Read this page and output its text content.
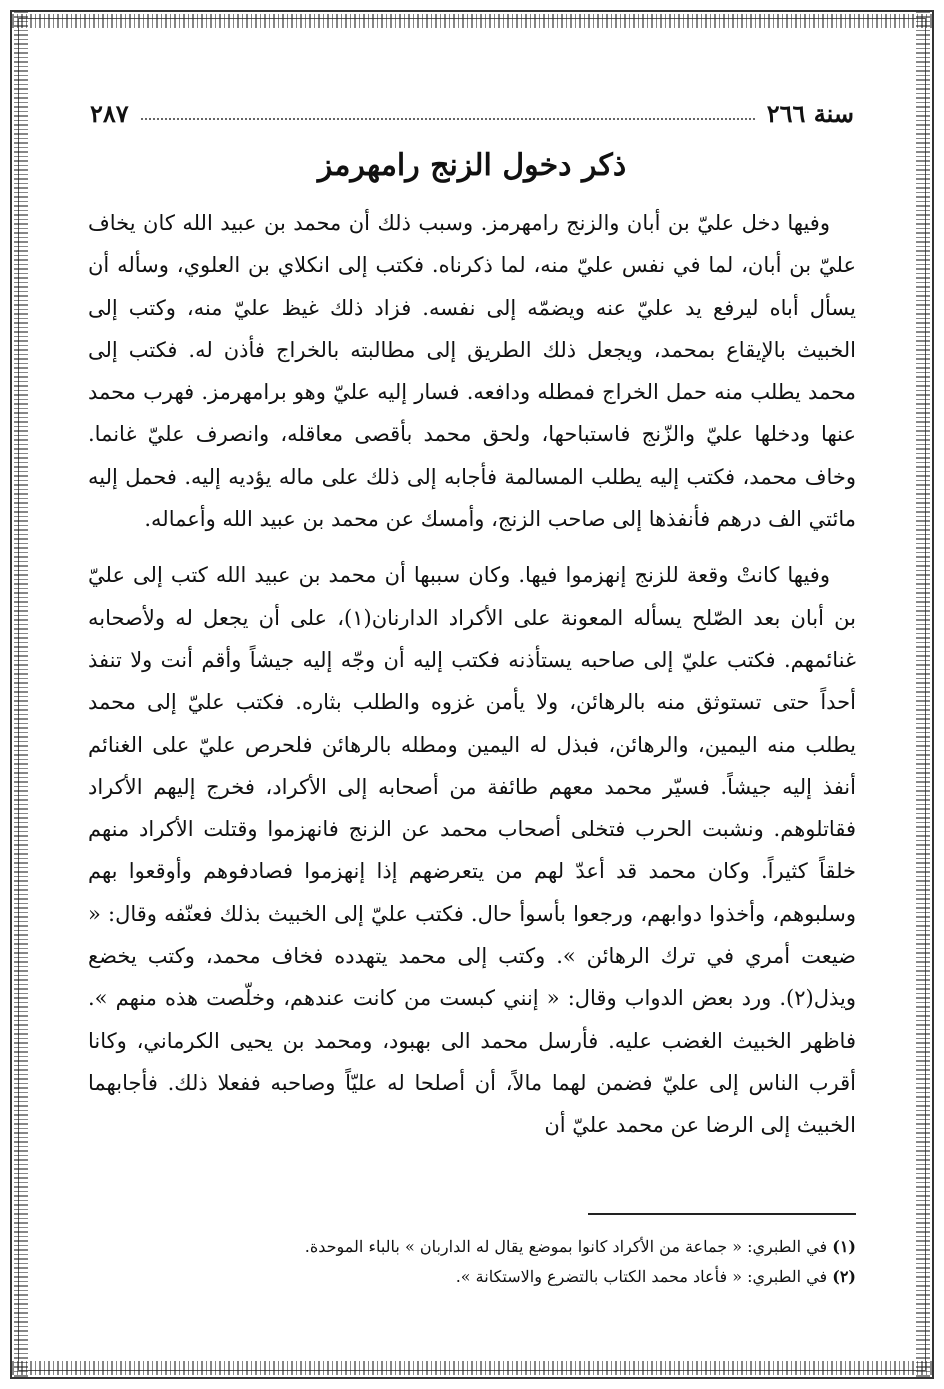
سنة ٢٦٦
٢٨٧
ذكر دخول الزنج رامهرمز

وفيها دخل عليّ بن أبان والزنج رامهرمز. وسبب ذلك أن محمد بن عبيد الله كان يخاف عليّ بن أبان، لما في نفس عليّ منه، لما ذكرناه. فكتب إلى انكلاي بن العلوي، وسأله أن يسأل أباه ليرفع يد عليّ عنه ويضمّه إلى نفسه. فزاد ذلك غيظ عليّ منه، وكتب إلى الخبيث بالإيقاع بمحمد، ويجعل ذلك الطريق إلى مطالبته بالخراج فأذن له. فكتب إلى محمد يطلب منه حمل الخراج فمطله ودافعه. فسار إليه عليّ وهو برامهرمز. فهرب محمد عنها ودخلها عليّ والزّنج فاستباحها، ولحق محمد بأقصى معاقله، وانصرف عليّ غانما. وخاف محمد، فكتب إليه يطلب المسالمة فأجابه إلى ذلك على ماله يؤديه إليه. فحمل إليه مائتي الف درهم فأنفذها إلى صاحب الزنج، وأمسك عن محمد بن عبيد الله وأعماله.

وفيها كانتْ وقعة للزنج إنهزموا فيها. وكان سببها أن محمد بن عبيد الله كتب إلى عليّ بن أبان بعد الصّلح يسأله المعونة على الأكراد الدارنان(١)، على أن يجعل له ولأصحابه غنائمهم. فكتب عليّ إلى صاحبه يستأذنه فكتب إليه أن وجّه إليه جيشاً وأقم أنت ولا تنفذ أحداً حتى تستوثق منه بالرهائن، ولا يأمن غزوه والطلب بثاره. فكتب عليّ إلى محمد يطلب منه اليمين، والرهائن، فبذل له اليمين ومطله بالرهائن فلحرص عليّ على الغنائم أنفذ إليه جيشاً. فسيّر محمد معهم طائفة من أصحابه إلى الأكراد، فخرج إليهم الأكراد فقاتلوهم. ونشبت الحرب فتخلى أصحاب محمد عن الزنج فانهزموا وقتلت الأكراد منهم خلقاً كثيراً. وكان محمد قد أعدّ لهم من يتعرضهم إذا إنهزموا فصادفوهم وأوقعوا بهم وسلبوهم، وأخذوا دوابهم، ورجعوا بأسوأ حال. فكتب عليّ إلى الخبيث بذلك فعنّفه وقال: « ضيعت أمري في ترك الرهائن ». وكتب إلى محمد يتهدده فخاف محمد، وكتب يخضع ويذل(٢). ورد بعض الدواب وقال: « إنني كبست من كانت عندهم، وخلّصت هذه منهم ». فاظهر الخبيث الغضب عليه. فأرسل محمد الى بهبود، ومحمد بن يحيى الكرماني، وكانا أقرب الناس إلى عليّ فضمن لهما مالاً، أن أصلحا له عليّاً وصاحبه ففعلا ذلك. فأجابهما الخبيث إلى الرضا عن محمد عليّ أن

(١) في الطبري: « جماعة من الأكراد كانوا بموضع يقال له الداربان » بالباء الموحدة.
(٢) في الطبري: « فأعاد محمد الكتاب بالتضرع والاستكانة ».
